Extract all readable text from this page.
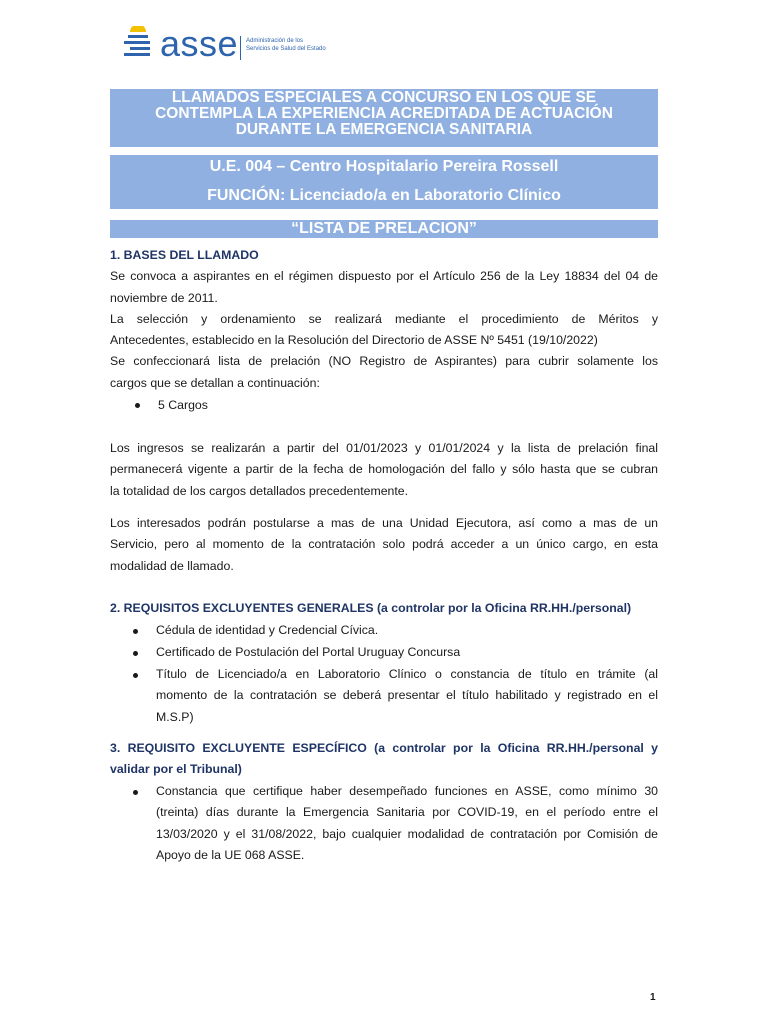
asse Administración de los
Servicios de Salud del Estado
LLAMADOS ESPECIALES A CONCURSO EN LOS QUE SE
CONTEMPLA LA EXPERIENCIA ACREDITADA DE ACTUACIÓN
DURANTE LA EMERGENCIA SANITARIA
U.E. 004 – Centro Hospitalario Pereira Rossell
FUNCIÓN: Licenciado/a en Laboratorio Clínico
“LISTA DE PRELACION”
1. BASES DEL LLAMADO
Se convoca a aspirantes en el régimen dispuesto por el Artículo 256 de la Ley 18834 del 04 de
noviembre de 2011.
La selección y ordenamiento se realizará mediante el procedimiento de Méritos y
Antecedentes, establecido en la Resolución del Directorio de ASSE Nº 5451 (19/10/2022)
Se confeccionará lista de prelación (NO Registro de Aspirantes) para cubrir solamente los
cargos que se detallan a continuación:
5 Cargos
Los ingresos se realizarán a partir del 01/01/2023 y 01/01/2024 y la lista de prelación final
permanecerá vigente a partir de la fecha de homologación del fallo y sólo hasta que se cubran
la totalidad de los cargos detallados precedentemente.
Los interesados podrán postularse a mas de una Unidad Ejecutora, así como a mas de un
Servicio, pero al momento de la contratación solo podrá acceder a un único cargo, en esta
modalidad de llamado.
2. REQUISITOS EXCLUYENTES GENERALES (a controlar por la Oficina RR.HH./personal)
Cédula de identidad y Credencial Cívica.
Certificado de Postulación del Portal Uruguay Concursa
Título de Licenciado/a en Laboratorio Clínico o constancia de título en trámite (al
momento de la contratación se deberá presentar el título habilitado y registrado en el
M.S.P)
3. REQUISITO EXCLUYENTE ESPECÍFICO (a controlar por la Oficina RR.HH./personal y
validar por el Tribunal)
Constancia que certifique haber desempeñado funciones en ASSE, como mínimo 30
(treinta) días durante la Emergencia Sanitaria por COVID-19, en el período entre el
13/03/2020 y el 31/08/2022, bajo cualquier modalidad de contratación por Comisión de
Apoyo de la UE 068 ASSE.
1
